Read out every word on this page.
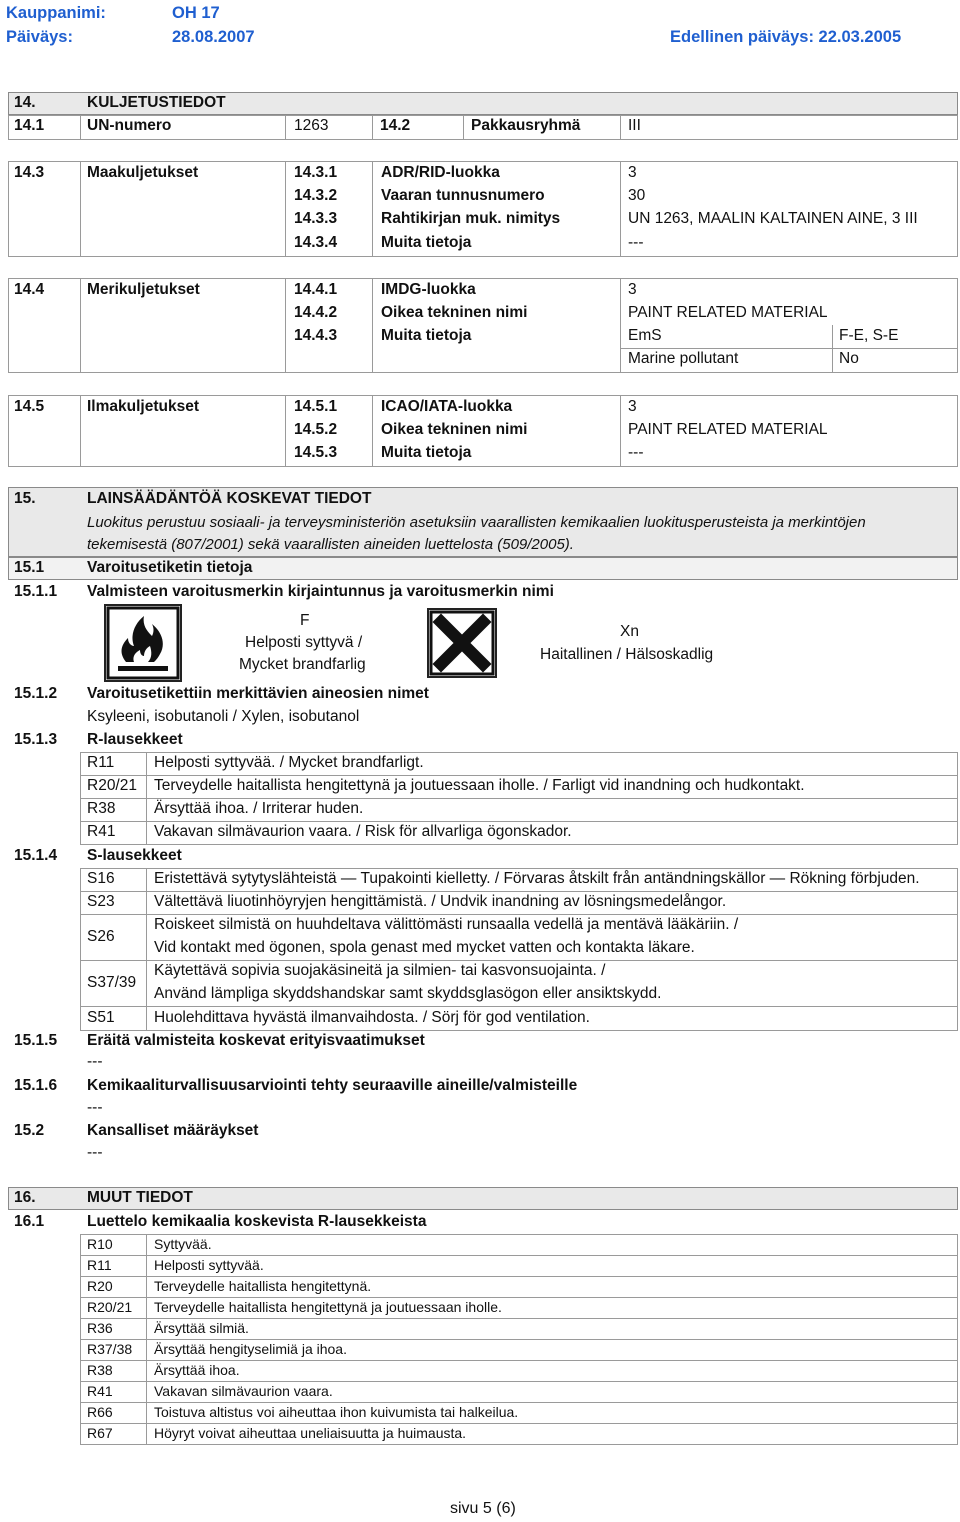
Kauppanimi:	OH 17
Päiväys:	28.08.2007	Edellinen päiväys: 22.03.2005
14.	KULJETUSTIEDOT
14.1	UN-numero	1263	14.2	Pakkausryhmä	III
14.3	Maakuljetukset	14.3.1	ADR/RID-luokka	3
14.3.2	Vaaran tunnusnumero	30
14.3.3	Rahtikirjan muk. nimitys	UN 1263, MAALIN KALTAINEN AINE, 3 III
14.3.4	Muita tietoja	---
14.4	Merikuljetukset	14.4.1	IMDG-luokka	3
14.4.2	Oikea tekninen nimi	PAINT RELATED MATERIAL
14.4.3	Muita tietoja	EmS	F-E, S-E
Marine pollutant	No
14.5	Ilmakuljetukset	14.5.1	ICAO/IATA-luokka	3
14.5.2	Oikea tekninen nimi	PAINT RELATED MATERIAL
14.5.3	Muita tietoja	---
15.	LAINSÄÄDÄNTÖÄ KOSKEVAT TIEDOT
Luokitus perustuu sosiaali- ja terveysministeriön asetuksiin vaarallisten kemikaalien luokitusperusteista ja merkintöjen
tekemisestä (807/2001) sekä vaarallisten aineiden luettelosta (509/2005).
15.1	Varoitusetiketin tietoja
15.1.1 Valmisteen varoitusmerkin kirjaintunnus ja varoitusmerkin nimi
F
Helposti syttyvä /
Mycket brandfarlig
Xn
Haitallinen / Hälsoskadlig
15.1.2 Varoitusetikettiin merkittävien aineosien nimet
Ksyleeni, isobutanoli / Xylen, isobutanol
15.1.3 R-lausekkeet
R11	Helposti syttyvää. / Mycket brandfarligt.
R20/21 Terveydelle haitallista hengitettynä ja joutuessaan iholle. / Farligt vid inandning och hudkontakt.
R38 Ärsyttää ihoa. / Irriterar huden.
R41 Vakavan silmävaurion vaara. / Risk för allvarliga ögonskador.
15.1.4 S-lausekkeet
S16	Eristettävä sytytyslähteistä ― Tupakointi kielletty. / Förvaras åtskilt från antändningskällor ― Rökning förbjuden.
S23	Vältettävä liuotinhöyryjen hengittämistä. / Undvik inandning av lösningsmedelångor.
S26
Roiskeet silmistä on huuhdeltava välittömästi runsaalla vedellä ja mentävä lääkäriin. /
Vid kontakt med ögonen, spola genast med mycket vatten och kontakta läkare.
S37/39
Käytettävä sopivia suojakäsineitä ja silmien- tai kasvonsuojainta. /
Använd lämpliga skyddshandskar samt skyddsglasögon eller ansiktskydd.
S51	Huolehdittava hyvästä ilmanvaihdosta. / Sörj för god ventilation.
15.1.5 Eräitä valmisteita koskevat erityisvaatimukset
---
15.1.6 Kemikaaliturvallisuusarviointi tehty seuraaville aineille/valmisteille
---
15.2	Kansalliset määräykset
---
16.	MUUT TIEDOT
16.1	Luettelo kemikaalia koskevista R-lausekkeista
R10	Syttyvää.
R11	Helposti syttyvää.
R20	Terveydelle haitallista hengitettynä.
R20/21 Terveydelle haitallista hengitettynä ja joutuessaan iholle.
R36	Ärsyttää silmiä.
R37/38 Ärsyttää hengityselimiä ja ihoa.
R38	Ärsyttää ihoa.
R41	Vakavan silmävaurion vaara.
R66	Toistuva altistus voi aiheuttaa ihon kuivumista tai halkeilua.
R67	Höyryt voivat aiheuttaa uneliaisuutta ja huimausta.
sivu 5 (6)
